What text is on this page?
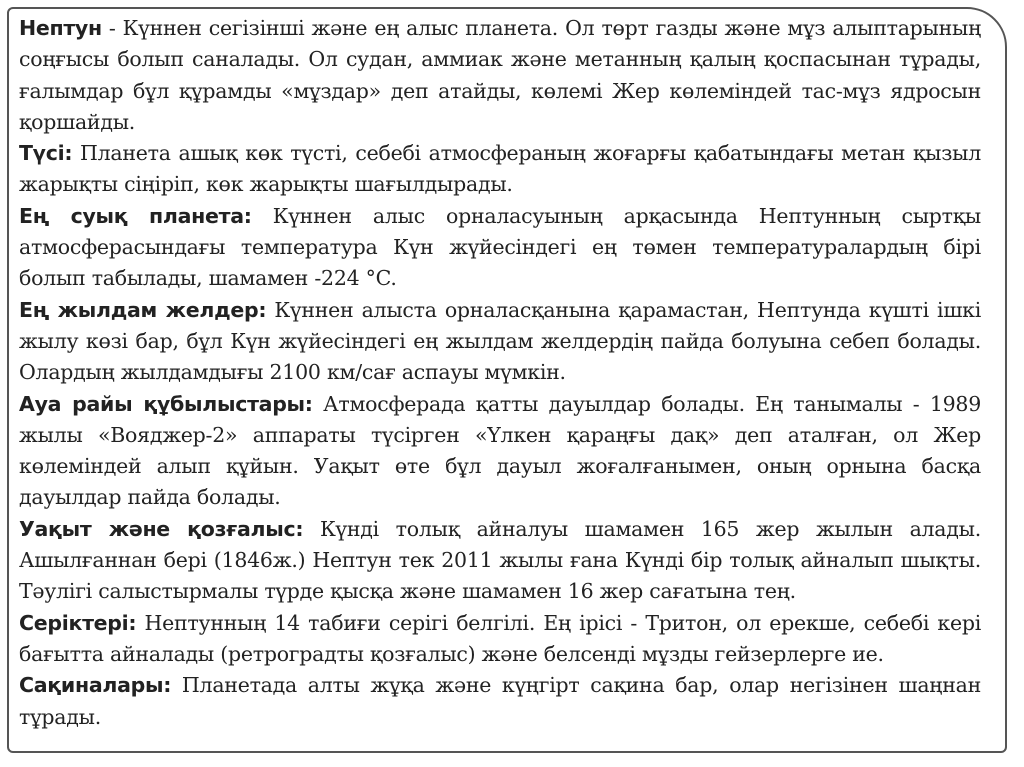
Нептун - Күннен сегізінші және ең алыс планета. Ол төрт газды және мұз алыптарының соңғысы болып саналады. Ол судан, аммиак және метанның қалың қоспасынан тұрады, ғалымдар бұл құрамды «мұздар» деп атайды, көлемі Жер көлеміндей тас-мұз ядросын қоршайды.

Түсі: Планета ашық көк түсті, себебі атмосфераның жоғарғы қабатындағы метан қызыл жарықты сіңіріп, көк жарықты шағылдырады.

Ең суық планета: Күннен алыс орналасуының арқасында Нептунның сыртқы атмосферасындағы температура Күн жүйесіндегі ең төмен температуралардың бірі болып табылады, шамамен -224 °C.

Ең жылдам желдер: Күннен алыста орналасқанына қарамастан, Нептунда күшті ішкі жылу көзі бар, бұл Күн жүйесіндегі ең жылдам желдердің пайда болуына себеп болады. Олардың жылдамдығы 2100 км/сағ аспауы мүмкін.

Ауа райы құбылыстары: Атмосферада қатты дауылдар болады. Ең танымалы - 1989 жылы «Вояджер-2» аппараты түсірген «Үлкен қараңғы дақ» деп аталған, ол Жер көлеміндей алып құйын. Уақыт өте бұл дауыл жоғалғанымен, оның орнына басқа дауылдар пайда болады.

Уақыт және қозғалыс: Күнді толық айналуы шамамен 165 жер жылын алады. Ашылғаннан бері (1846ж.) Нептун тек 2011 жылы ғана Күнді бір толық айналып шықты. Тәулігі салыстырмалы түрде қысқа және шамамен 16 жер сағатына тең.

Серіктері: Нептунның 14 табиғи серігі белгілі. Ең ірісі - Тритон, ол ерекше, себебі кері бағытта айналады (ретроградты қозғалыс) және белсенді мұзды гейзерлерге ие.

Сақиналары: Планетада алты жұқа және күңгірт сақина бар, олар негізінен шаңнан тұрады.
